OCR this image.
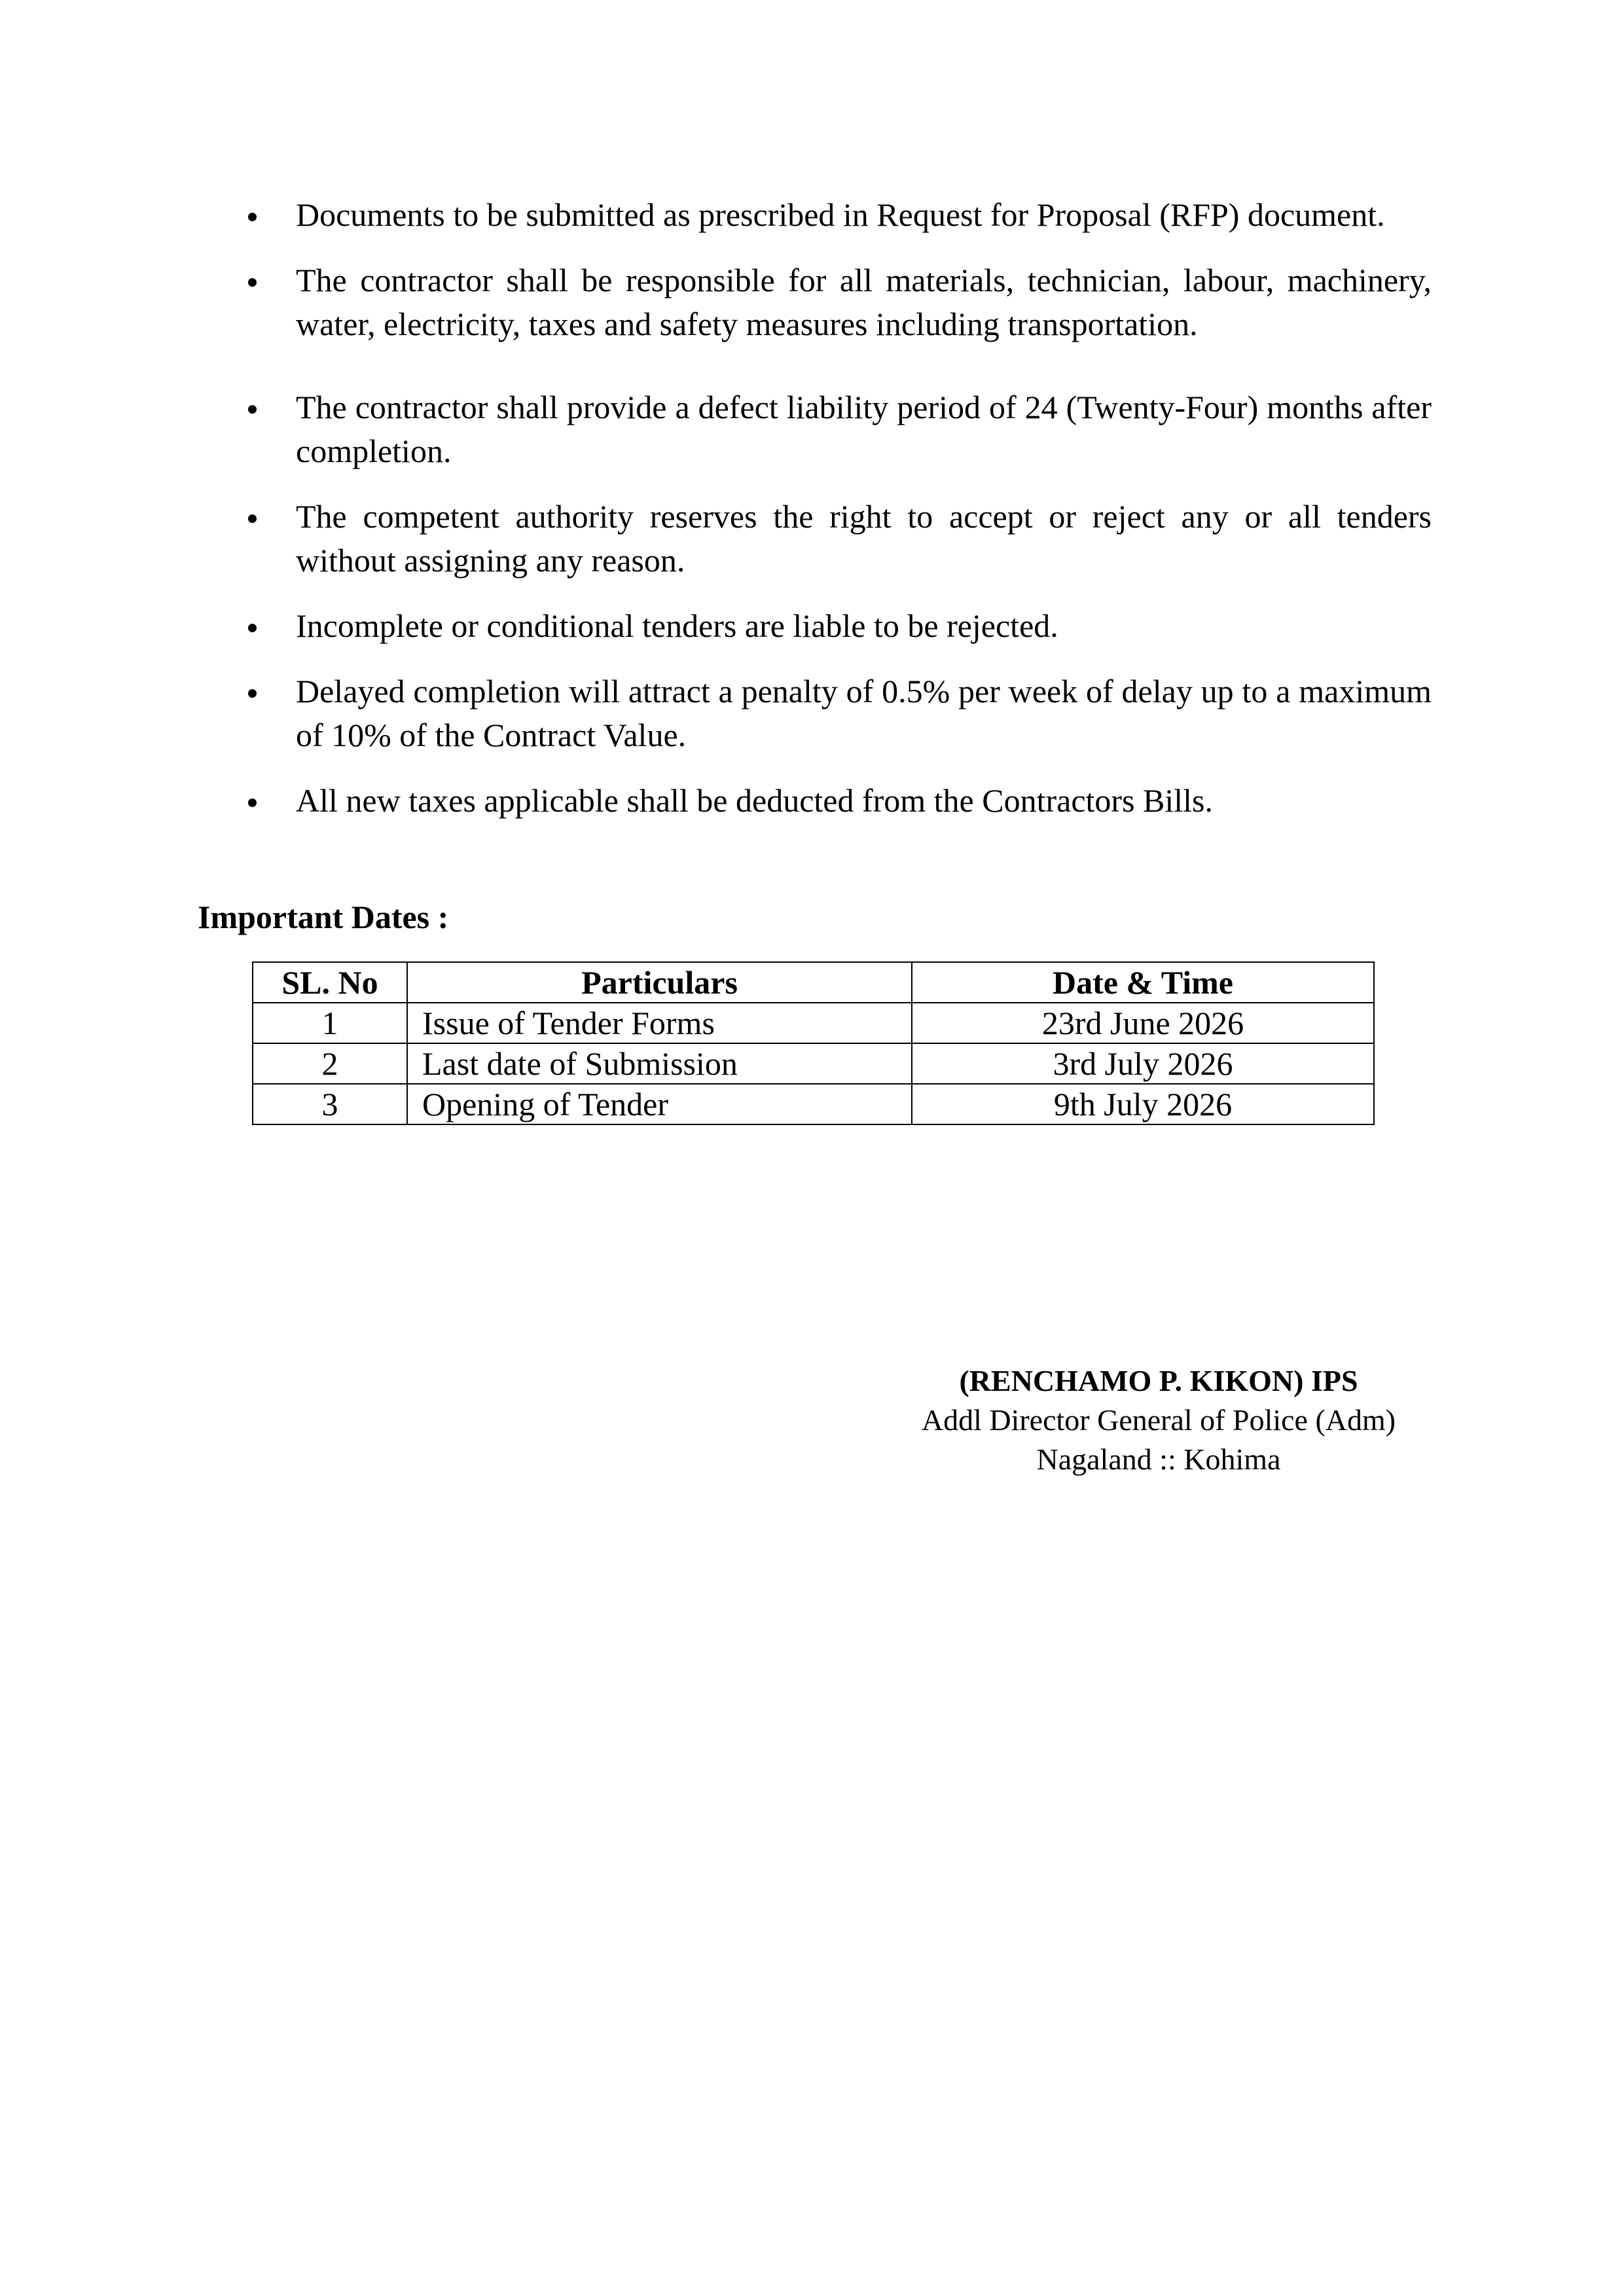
Documents to be submitted as prescribed in Request for Proposal (RFP) document.
The contractor shall be responsible for all materials, technician, labour, machinery, water, electricity, taxes and safety measures including transportation.
The contractor shall provide a defect liability period of 24 (Twenty-Four) months after completion.
The competent authority reserves the right to accept or reject any or all tenders without assigning any reason.
Incomplete or conditional tenders are liable to be rejected.
Delayed completion will attract a penalty of 0.5% per week of delay up to a maximum of 10% of the Contract Value.
All new taxes applicable shall be deducted from the Contractors Bills.
Important Dates :
SL. No	Particulars	Date & Time
1	Issue of Tender Forms	23rd June 2026
2	Last date of Submission	3rd July 2026
3	Opening of Tender	9th July 2026
(RENCHAMO P. KIKON) IPS
Addl Director General of Police (Adm)
Nagaland :: Kohima
